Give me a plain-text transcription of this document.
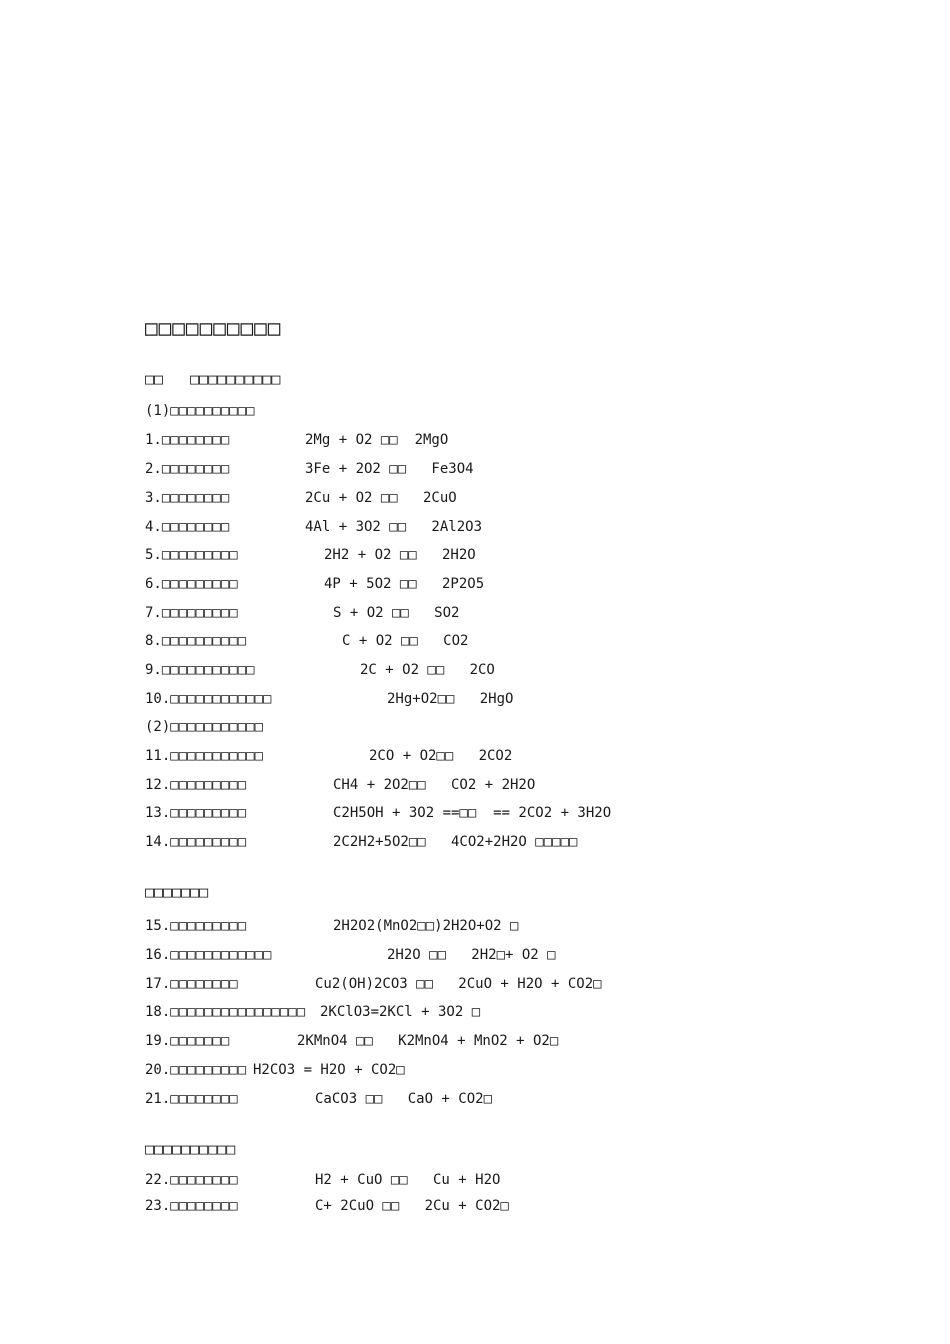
□□□□□□□□□□
□□   □□□□□□□□□□
(1)□□□□□□□□□□

1.□□□□□□□□

	2Mg + O2 □□  2MgO

2.□□□□□□□□

	3Fe + 2O2 □□   Fe3O4

3.□□□□□□□□

	2Cu + O2 □□   2CuO

4.□□□□□□□□

	4Al + 3O2 □□   2Al2O3

5.□□□□□□□□□

	2H2 + O2 □□   2H2O

6.□□□□□□□□□

	4P + 5O2 □□   2P2O5

7.□□□□□□□□□

	S + O2 □□   SO2

8.□□□□□□□□□□

	C + O2 □□   CO2

9.□□□□□□□□□□□

	2C + O2 □□   2CO

10.□□□□□□□□□□□□

	2Hg+O2□□   2HgO

(2)□□□□□□□□□□□

11.□□□□□□□□□□□

	2CO + O2□□   2CO2

12.□□□□□□□□□

	CH4 + 2O2□□   CO2 + 2H2O

13.□□□□□□□□□

	C2H5OH + 3O2 ==□□  == 2CO2 + 3H2O

14.□□□□□□□□□

	2C2H2+5O2□□   4CO2+2H2O □□□□□

□□□□□□□

15.□□□□□□□□□

	2H2O2(MnO2□□)2H2O+O2 □

16.□□□□□□□□□□□□

	2H2O □□   2H2□+ O2 □

17.□□□□□□□□

	Cu2(OH)2CO3 □□   2CuO + H2O + CO2□

18.□□□□□□□□□□□□□□□□

2KClO3=2KCl + 3O2 □

19.□□□□□□□

	2KMnO4 □□   K2MnO4 + MnO2 + O2□

20.□□□□□□□□□

H2CO3 = H2O + CO2□

21.□□□□□□□□

	CaCO3 □□   CaO + CO2□

□□□□□□□□□□

22.□□□□□□□□

	H2 + CuO □□   Cu + H2O

23.□□□□□□□□

	C+ 2CuO □□   2Cu + CO2□
